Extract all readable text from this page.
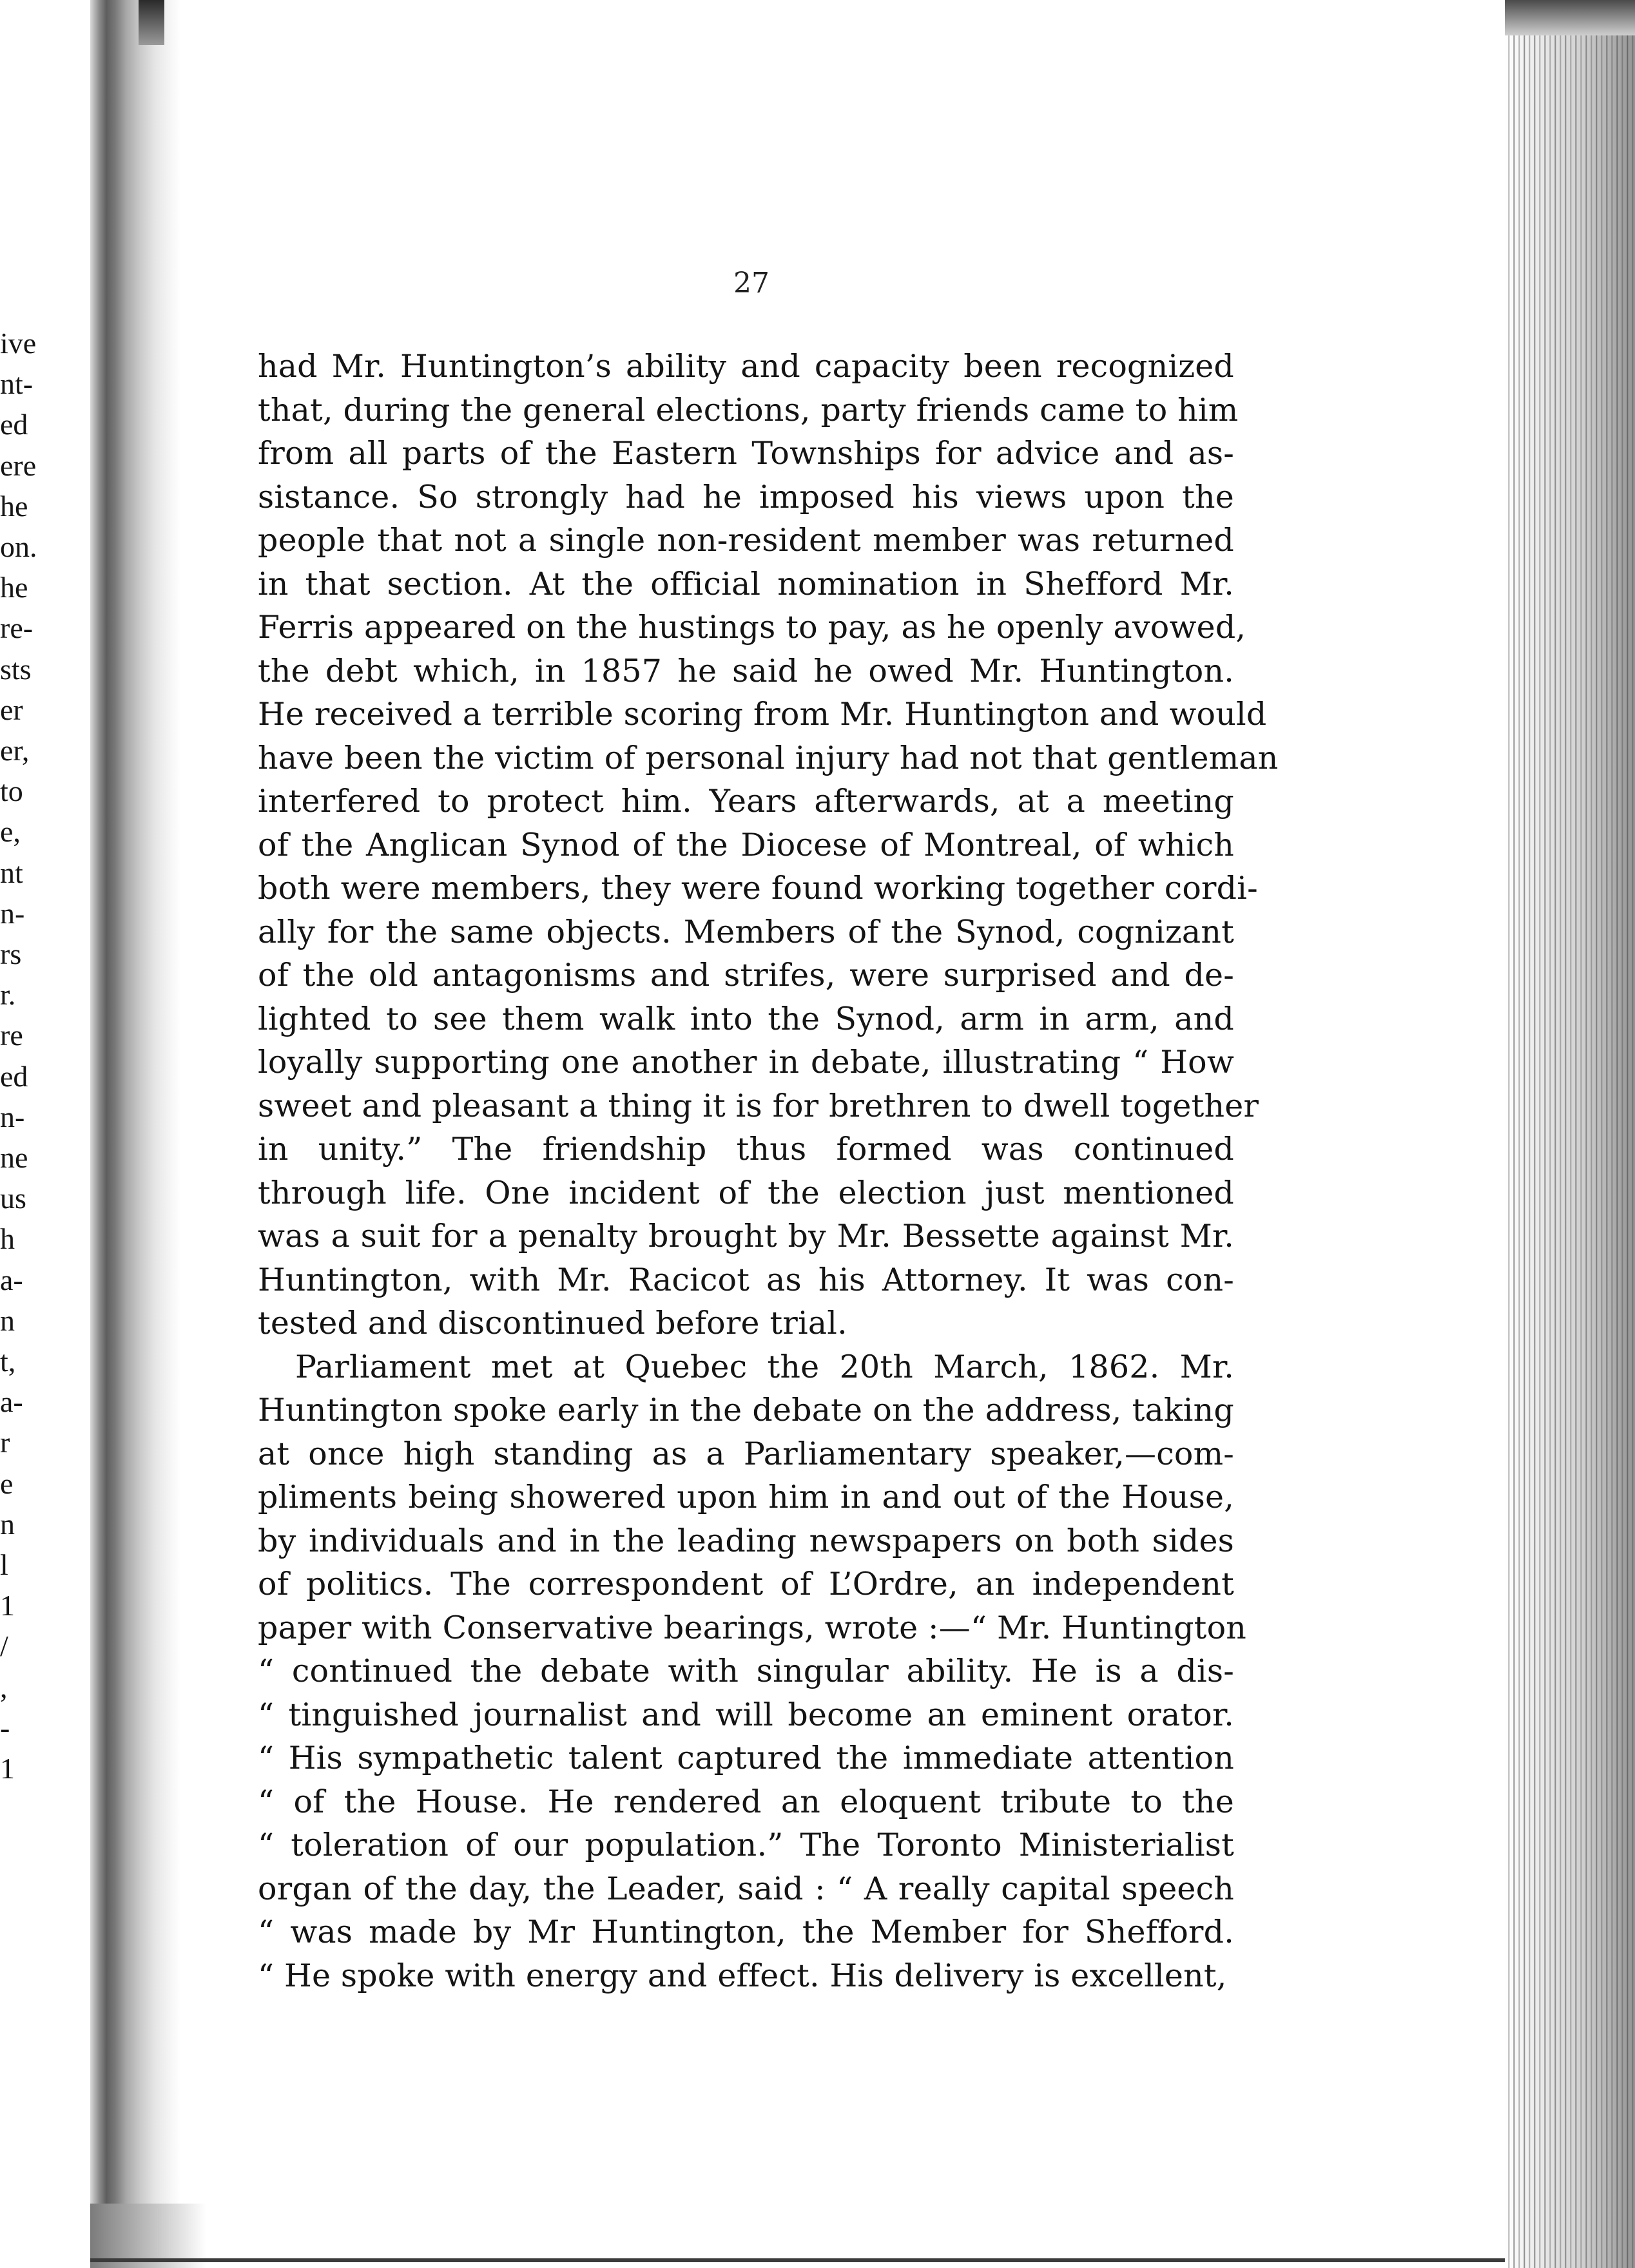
ive
nt-
ed
ere
he
on.
he
re-
sts
er
er,
to
e,
nt
n-
rs
r.
re
ed
n-
ne
us
h
a-
n
t,
a-
r
e
n
l
1
/
,
-
1
27
had Mr. Huntington’s ability and capacity been recognized
that, during the general elections, party friends came to him
from all parts of the Eastern Townships for advice and as-
sistance. So strongly had he imposed his views upon the
people that not a single non-resident member was returned
in that section. At the official nomination in Shefford Mr.
Ferris appeared on the hustings to pay, as he openly avowed,
the debt which, in 1857 he said he owed Mr. Huntington.
He received a terrible scoring from Mr. Huntington and would
have been the victim of personal injury had not that gentleman
interfered to protect him. Years afterwards, at a meeting
of the Anglican Synod of the Diocese of Montreal, of which
both were members, they were found working together cordi-
ally for the same objects. Members of the Synod, cognizant
of the old antagonisms and strifes, were surprised and de-
lighted to see them walk into the Synod, arm in arm, and
loyally supporting one another in debate, illustrating “ How
sweet and pleasant a thing it is for brethren to dwell together
in unity.” The friendship thus formed was continued
through life. One incident of the election just mentioned
was a suit for a penalty brought by Mr. Bessette against Mr.
Huntington, with Mr. Racicot as his Attorney. It was con-
tested and discontinued before trial.
Parliament met at Quebec the 20th March, 1862. Mr.
Huntington spoke early in the debate on the address, taking
at once high standing as a Parliamentary speaker,—com-
pliments being showered upon him in and out of the House,
by individuals and in the leading newspapers on both sides
of politics. The correspondent of L’Ordre, an independent
paper with Conservative bearings, wrote :—“ Mr. Huntington
“ continued the debate with singular ability. He is a dis-
“ tinguished journalist and will become an eminent orator.
“ His sympathetic talent captured the immediate attention
“ of the House. He rendered an eloquent tribute to the
“ toleration of our population.” The Toronto Ministerialist
organ of the day, the Leader, said : “ A really capital speech
“ was made by Mr Huntington, the Member for Shefford.
“ He spoke with energy and effect. His delivery is excellent,
